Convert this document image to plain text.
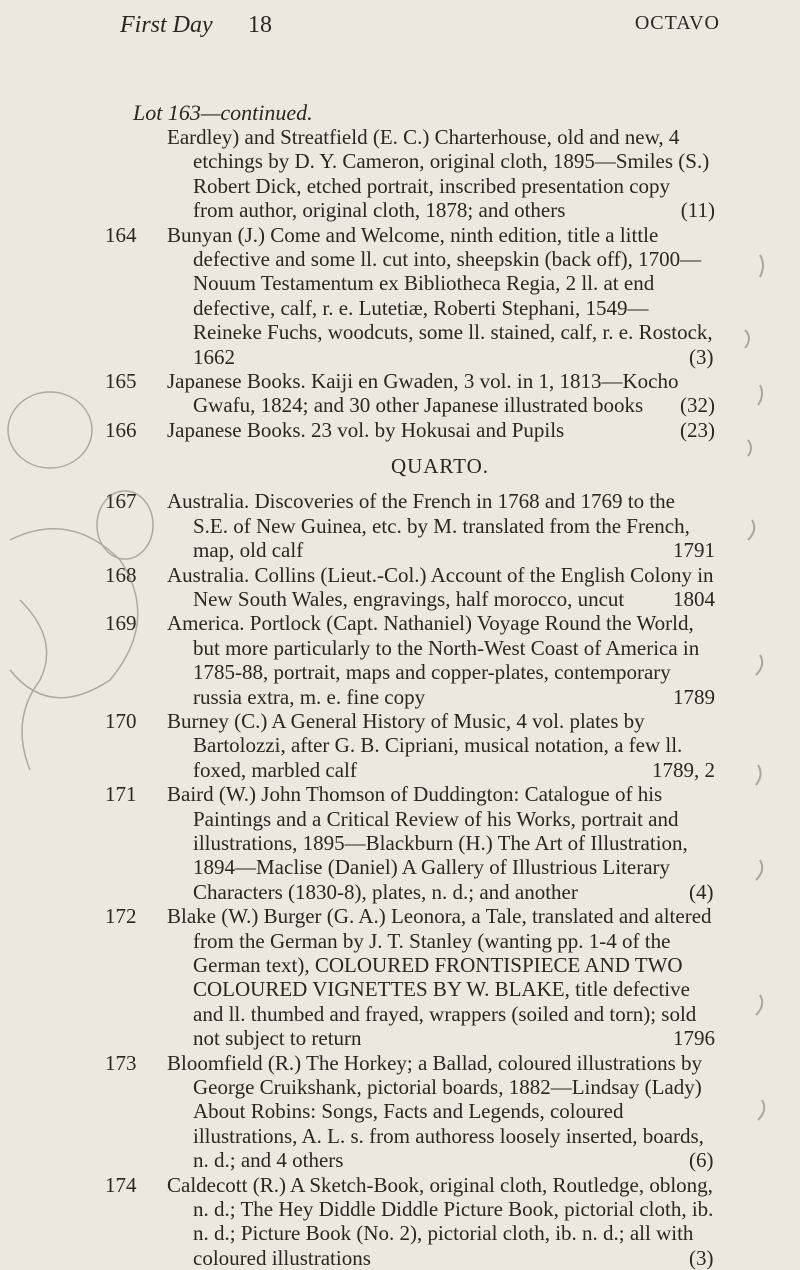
First Day 18	OCTAVO
Lot 163—continued.
Eardley) and Streatfield (E. C.) Charterhouse, old and new, 4 etchings by D. Y. Cameron, original cloth, 1895—Smiles (S.) Robert Dick, etched portrait, inscribed presentation copy from author, original cloth, 1878; and others	(11)
164	Bunyan (J.) Come and Welcome, ninth edition, title a little defective and some ll. cut into, sheepskin (back off), 1700—Nouum Testamentum ex Bibliotheca Regia, 2 ll. at end defective, calf, r. e. Lutetiæ, Roberti Stephani, 1549—Reineke Fuchs, woodcuts, some ll. stained, calf, r. e. Rostock, 1662	(3)
165	Japanese Books. Kaiji en Gwaden, 3 vol. in 1, 1813—Kocho Gwafu, 1824; and 30 other Japanese illustrated books (32)
166	Japanese Books. 23 vol. by Hokusai and Pupils	(23)
QUARTO.
167	Australia. Discoveries of the French in 1768 and 1769 to the S.E. of New Guinea, etc. by M. translated from the French, map, old calf	1791
168	Australia. Collins (Lieut.-Col.) Account of the English Colony in New South Wales, engravings, half morocco, uncut 1804
169	America. Portlock (Capt. Nathaniel) Voyage Round the World, but more particularly to the North-West Coast of America in 1785-88, portrait, maps and copper-plates, contemporary russia extra, m. e. fine copy	1789
170	Burney (C.) A General History of Music, 4 vol. plates by Bartolozzi, after G. B. Cipriani, musical notation, a few ll. foxed, marbled calf	1789, 2
171	Baird (W.) John Thomson of Duddington: Catalogue of his Paintings and a Critical Review of his Works, portrait and illustrations, 1895—Blackburn (H.) The Art of Illustration, 1894—Maclise (Daniel) A Gallery of Illustrious Literary Characters (1830-8), plates, n. d.; and another	(4)
172	Blake (W.) Burger (G. A.) Leonora, a Tale, translated and altered from the German by J. T. Stanley (wanting pp. 1-4 of the German text), COLOURED FRONTISPIECE AND TWO COLOURED VIGNETTES BY W. BLAKE, title defective and ll. thumbed and frayed, wrappers (soiled and torn); sold not subject to return	1796
173	Bloomfield (R.) The Horkey; a Ballad, coloured illustrations by George Cruikshank, pictorial boards, 1882—Lindsay (Lady) About Robins: Songs, Facts and Legends, coloured illustrations, A. L. s. from authoress loosely inserted, boards, n. d.; and 4 others	(6)
174	Caldecott (R.) A Sketch-Book, original cloth, Routledge, oblong, n. d.; The Hey Diddle Diddle Picture Book, pictorial cloth, ib. n. d.; Picture Book (No. 2), pictorial cloth, ib. n. d.; all with coloured illustrations	(3)
